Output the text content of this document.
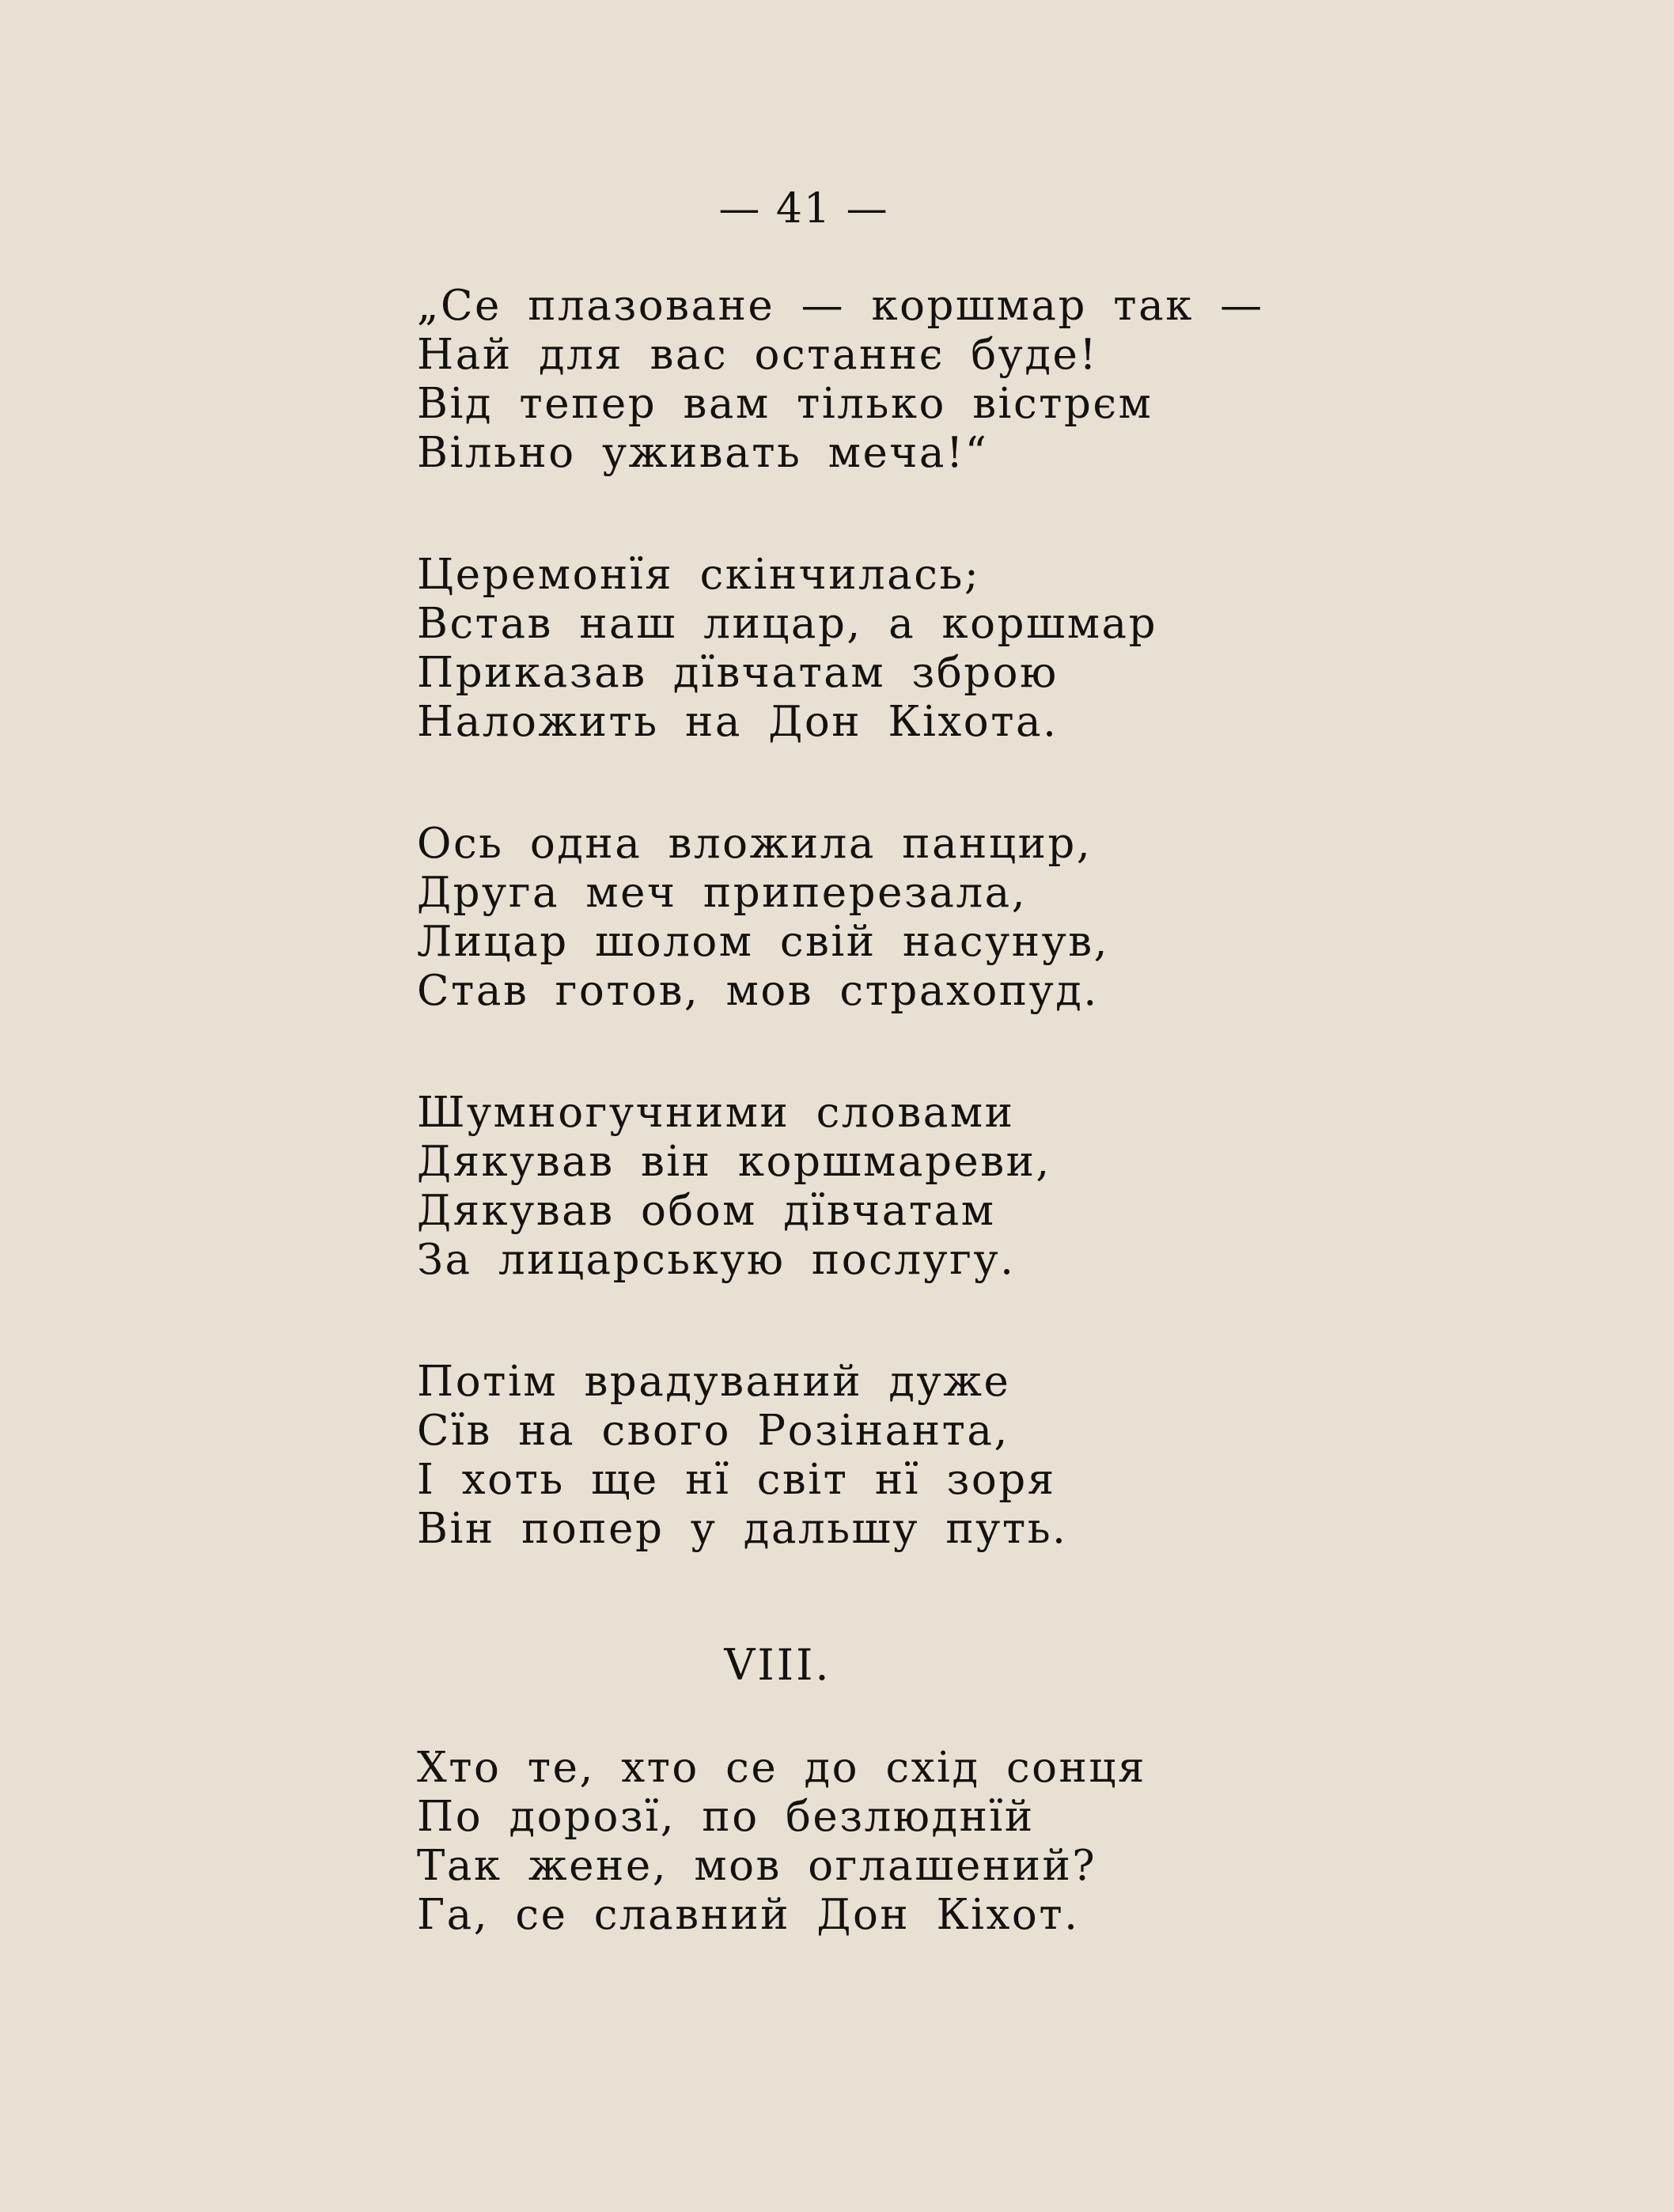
— 41 —
„Се плазоване — коршмар так —
Най для вас останнє буде!
Від тепер вам тілько вістрєм
Вільно уживать меча!“
Церемонїя скінчилась;
Встав наш лицар, а коршмар
Приказав дївчатам зброю
Наложить на Дон Кіхота.
Ось одна вложила панцир,
Друга меч приперезала,
Лицар шолом свій насунув,
Став готов, мов страхопуд.
Шумногучними словами
Дякував він коршмареви,
Дякував обом дївчатам
За лицарськую послугу.
Потім врадуваний дуже
Сїв на свого Розінанта,
І хоть ще нї світ нї зоря
Він попер у дальшу путь.
VIII.
Хто те, хто се до схід сонця
По дорозї, по безлюднїй
Так жене, мов оглашений?
Га, се славний Дон Кіхот.
